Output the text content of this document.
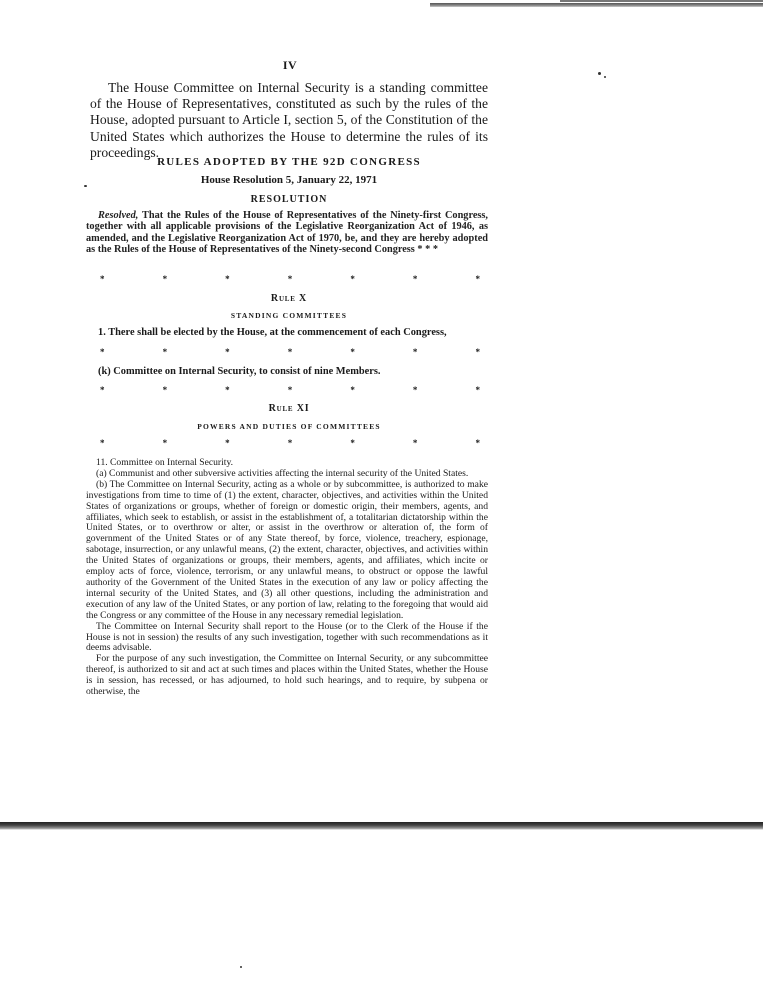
IV
The House Committee on Internal Security is a standing committee of the House of Representatives, constituted as such by the rules of the House, adopted pursuant to Article I, section 5, of the Constitution of the United States which authorizes the House to determine the rules of its proceedings.
RULES ADOPTED BY THE 92D CONGRESS
House Resolution 5, January 22, 1971
RESOLUTION
Resolved, That the Rules of the House of Representatives of the Ninety-first Congress, together with all applicable provisions of the Legislative Reorganization Act of 1946, as amended, and the Legislative Reorganization Act of 1970, be, and they are hereby adopted as the Rules of the House of Representatives of the Ninety-second Congress * * *
*	*	*	*	*	*	*
Rule X
STANDING COMMITTEES
1. There shall be elected by the House, at the commencement of each Congress,
*	*	*	*	*	*	*
(k) Committee on Internal Security, to consist of nine Members.
*	*	*	*	*	*	*
Rule XI
POWERS AND DUTIES OF COMMITTEES
*	*	*	*	*	*	*

11. Committee on Internal Security.

(a) Communist and other subversive activities affecting the internal security of the United States.

(b) The Committee on Internal Security, acting as a whole or by subcommittee, is authorized to make investigations from time to time of (1) the extent, character, objectives, and activities within the United States of organizations or groups, whether of foreign or domestic origin, their members, agents, and affiliates, which seek to establish, or assist in the establishment of, a totalitarian dictatorship within the United States, or to overthrow or alter, or assist in the overthrow or alteration of, the form of government of the United States or of any State thereof, by force, violence, treachery, espionage, sabotage, insurrection, or any unlawful means, (2) the extent, character, objectives, and activities within the United States of organizations or groups, their members, agents, and affiliates, which incite or employ acts of force, violence, terrorism, or any unlawful means, to obstruct or oppose the lawful authority of the Government of the United States in the execution of any law or policy affecting the internal security of the United States, and (3) all other questions, including the administration and execution of any law of the United States, or any portion of law, relating to the foregoing that would aid the Congress or any committee of the House in any necessary remedial legislation.

The Committee on Internal Security shall report to the House (or to the Clerk of the House if the House is not in session) the results of any such investigation, together with such recommendations as it deems advisable.

For the purpose of any such investigation, the Committee on Internal Security, or any subcommittee thereof, is authorized to sit and act at such times and places within the United States, whether the House is in session, has recessed, or has adjourned, to hold such hearings, and to require, by subpena or otherwise, the
